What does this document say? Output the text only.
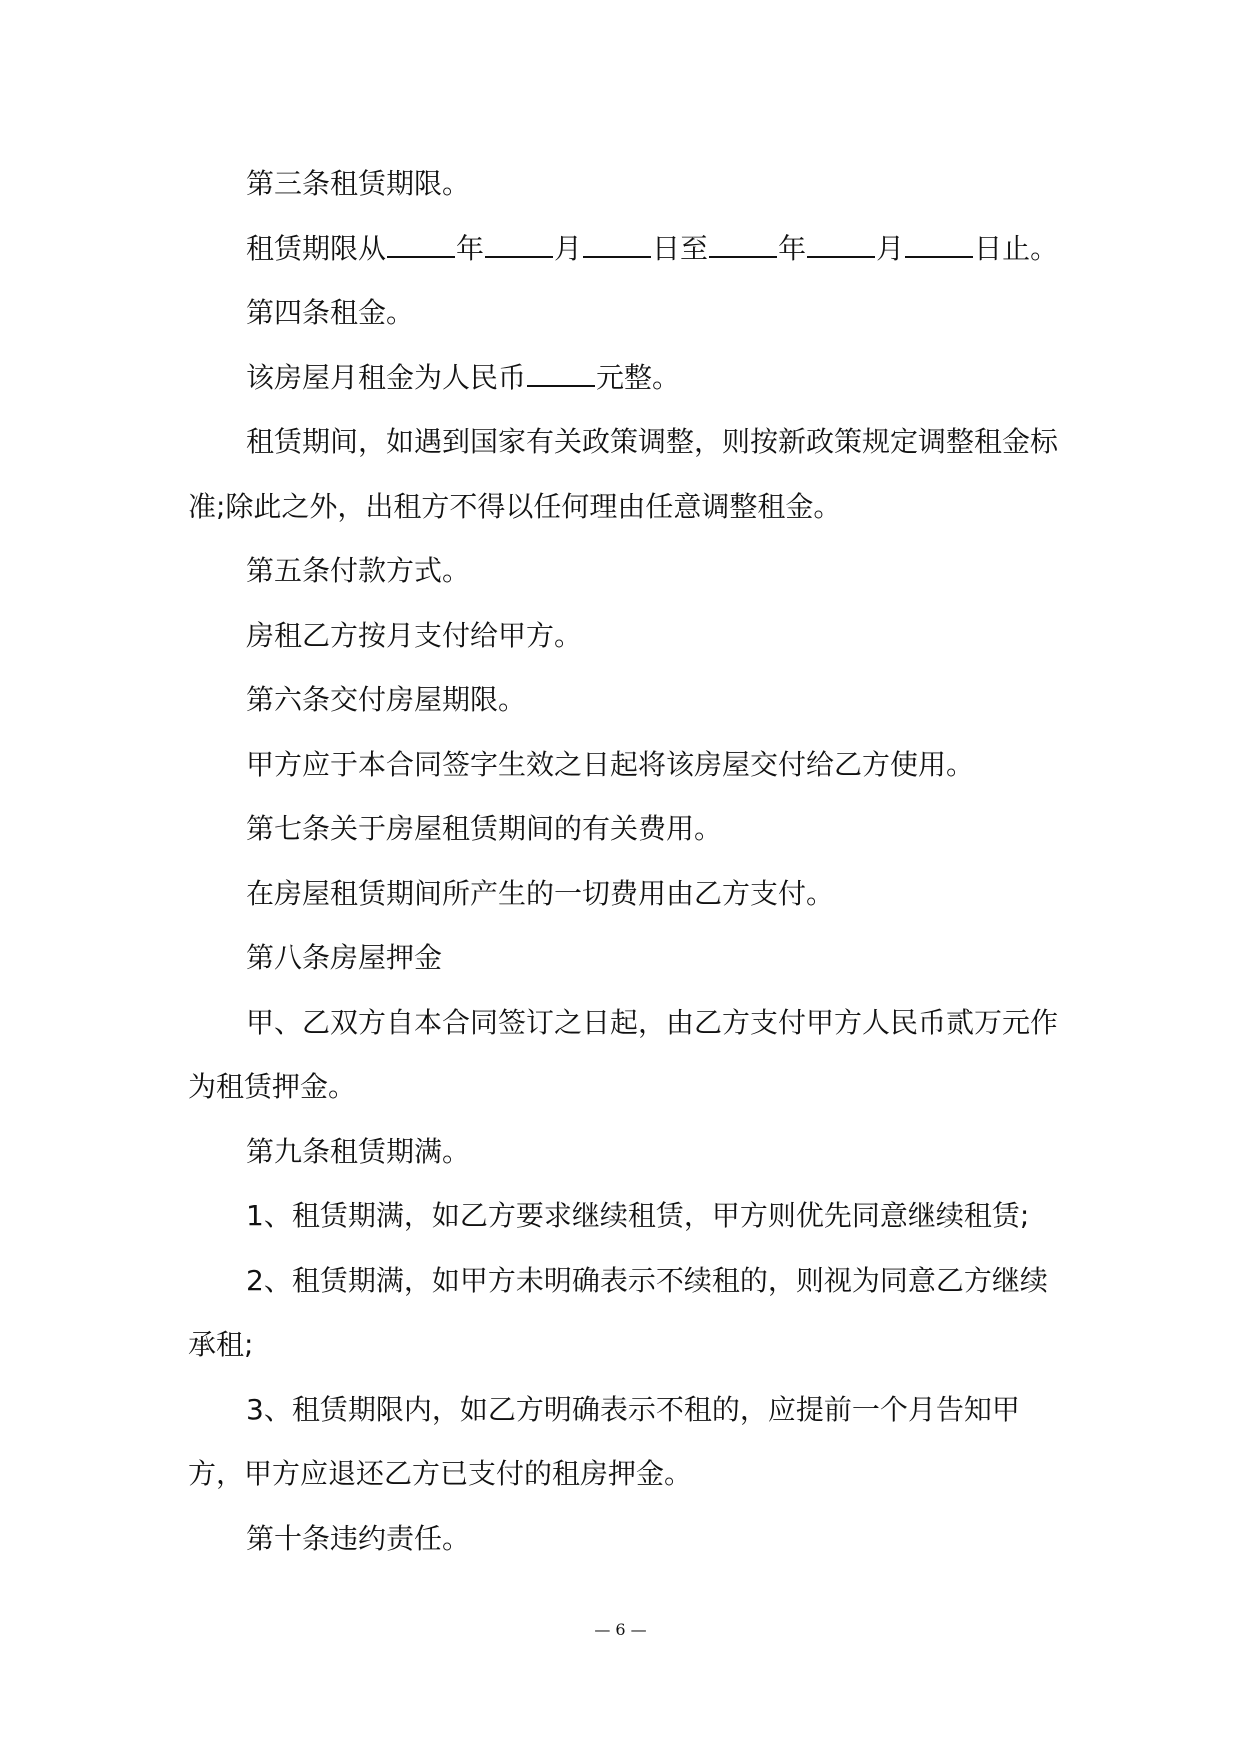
第三条租赁期限。

租赁期限从	年	月	日至	年	月	日止。

第四条租金。

该房屋月租金为人民币	元整。

租赁期间，如遇到国家有关政策调整，则按新政策规定调整租金标准;除此之外，出租方不得以任何理由任意调整租金。

第五条付款方式。

房租乙方按月支付给甲方。

第六条交付房屋期限。

甲方应于本合同签字生效之日起将该房屋交付给乙方使用。

第七条关于房屋租赁期间的有关费用。

在房屋租赁期间所产生的一切费用由乙方支付。

第八条房屋押金

甲、乙双方自本合同签订之日起，由乙方支付甲方人民币贰万元作为租赁押金。

第九条租赁期满。

1、租赁期满，如乙方要求继续租赁，甲方则优先同意继续租赁;

2、租赁期满，如甲方未明确表示不续租的，则视为同意乙方继续承租;

3、租赁期限内，如乙方明确表示不租的，应提前一个月告知甲方，甲方应退还乙方已支付的租房押金。

第十条违约责任。

— 6 —
